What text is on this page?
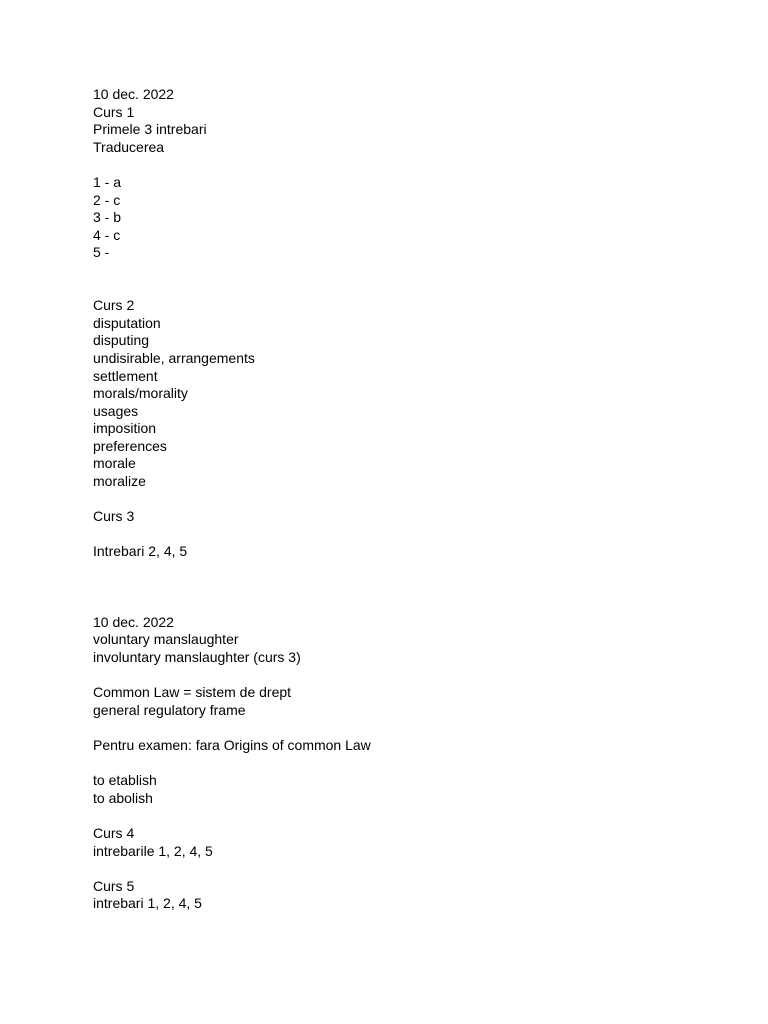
10 dec. 2022
Curs 1
Primele 3 intrebari
Traducerea
1 - a
2 - c
3 - b
4 - c
5 -
Curs 2
disputation
disputing
undisirable, arrangements
settlement
morals/morality
usages
imposition
preferences
morale
moralize
Curs 3
Intrebari 2, 4, 5
10 dec. 2022
voluntary manslaughter
involuntary manslaughter (curs 3)
Common Law = sistem de drept
general regulatory frame
Pentru examen: fara Origins of common Law
to etablish
to abolish
Curs 4
intrebarile 1, 2, 4, 5
Curs 5
intrebari 1, 2, 4, 5
